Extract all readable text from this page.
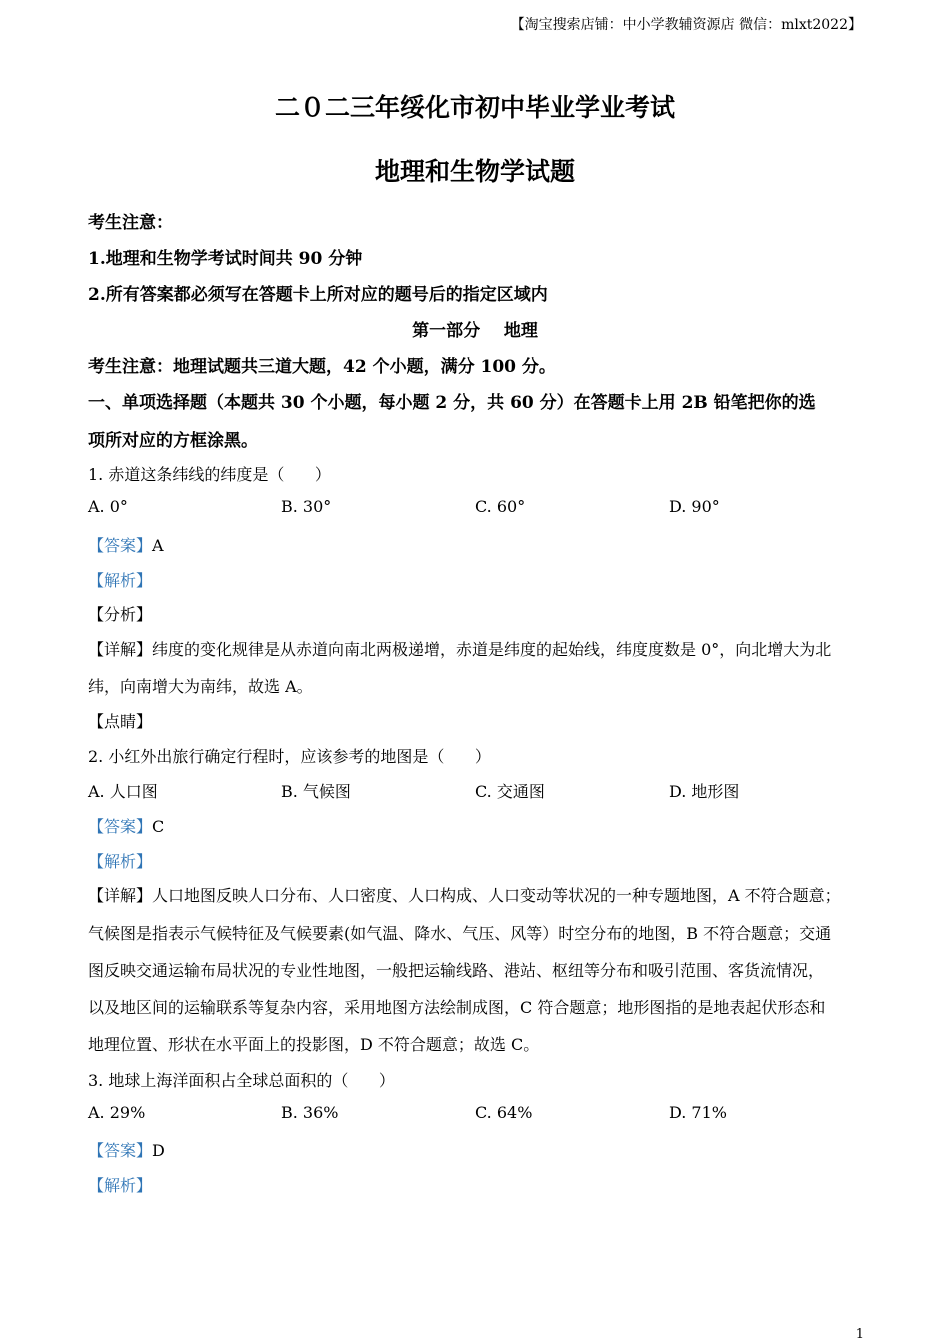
【淘宝搜索店铺：中小学教辅资源店 微信：mlxt2022】
二０二三年绥化市初中毕业学业考试
地理和生物学试题
考生注意：
1.地理和生物学考试时间共 90 分钟
2.所有答案都必须写在答题卡上所对应的题号后的指定区域内
第一部分    地理
考生注意：地理试题共三道大题，42 个小题，满分 100 分。
一、单项选择题（本题共 30 个小题，每小题 2 分，共 60 分）在答题卡上用 2B 铅笔把你的选
项所对应的方框涂黑。
1. 赤道这条纬线的纬度是（      ）
A. 0°	B. 30°	C. 60°	D. 90°
【答案】A
【解析】
【分析】
【详解】纬度的变化规律是从赤道向南北两极递增，赤道是纬度的起始线，纬度度数是 0°，向北增大为北
纬，向南增大为南纬，故选 A。
【点睛】
2. 小红外出旅行确定行程时，应该参考的地图是（      ）
A. 人口图	B. 气候图	C. 交通图	D. 地形图
【答案】C
【解析】
【详解】人口地图反映人口分布、人口密度、人口构成、人口变动等状况的一种专题地图，A 不符合题意；
气候图是指表示气候特征及气候要素(如气温、降水、气压、风等）时空分布的地图，B 不符合题意；交通
图反映交通运输布局状况的专业性地图，一般把运输线路、港站、枢纽等分布和吸引范围、客货流情况，
以及地区间的运输联系等复杂内容，采用地图方法绘制成图，C 符合题意；地形图指的是地表起伏形态和
地理位置、形状在水平面上的投影图，D 不符合题意；故选 C。
3. 地球上海洋面积占全球总面积的（      ）
A. 29%	B. 36%	C. 64%	D. 71%
【答案】D
【解析】
1
